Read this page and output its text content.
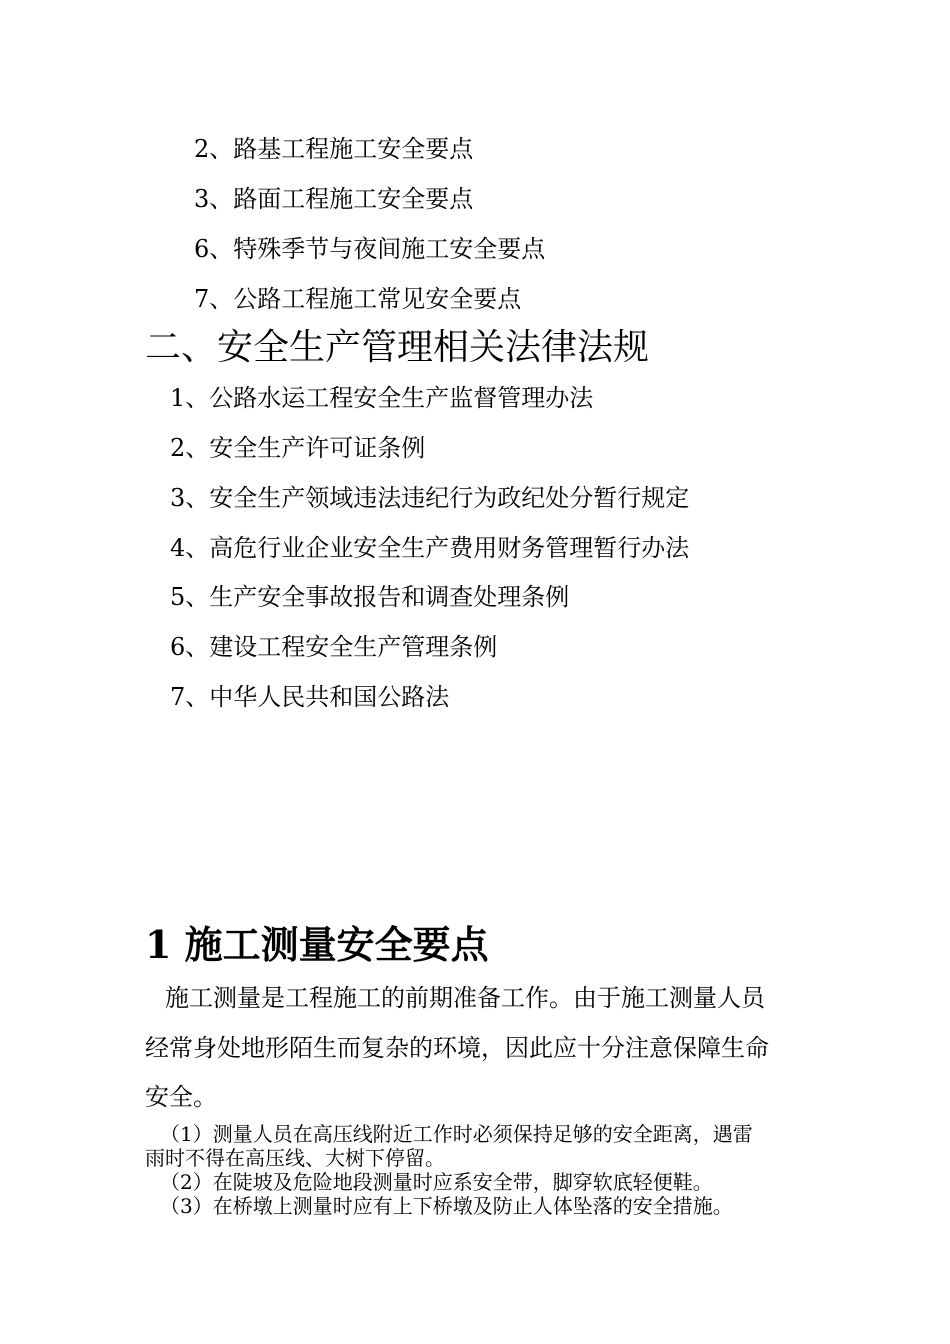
2、路基工程施工安全要点
3、路面工程施工安全要点
6、特殊季节与夜间施工安全要点
7、公路工程施工常见安全要点
二、安全生产管理相关法律法规
1、公路水运工程安全生产监督管理办法
2、安全生产许可证条例
3、安全生产领域违法违纪行为政纪处分暂行规定
4、高危行业企业安全生产费用财务管理暂行办法
5、生产安全事故报告和调查处理条例
6、建设工程安全生产管理条例
7、中华人民共和国公路法
1 施工测量安全要点
施工测量是工程施工的前期准备工作。由于施工测量人员
经常身处地形陌生而复杂的环境，因此应十分注意保障生命
安全。
（1）测量人员在高压线附近工作时必须保持足够的安全距离，遇雷
雨时不得在高压线、大树下停留。
（2）在陡坡及危险地段测量时应系安全带，脚穿软底轻便鞋。
（3）在桥墩上测量时应有上下桥墩及防止人体坠落的安全措施。
